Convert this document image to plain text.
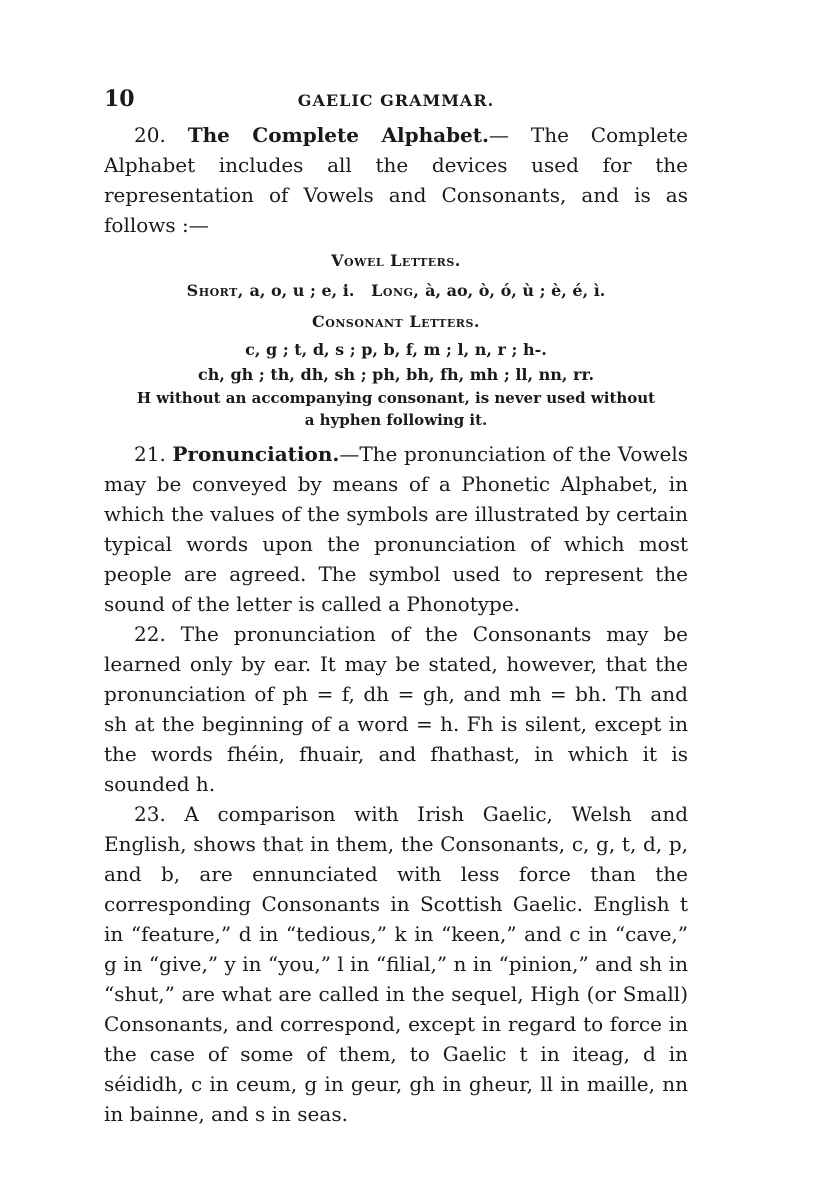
10	GAELIC GRAMMAR.

20. The Complete Alphabet.— The Complete Alphabet includes all the devices used for the representation of Vowels and Consonants, and is as follows :—

Vowel Letters.

Short, a, o, u ; e, i. Long, à, ao, ò, ó, ù ; è, é, ì.

Consonant Letters.

c, g ; t, d, s ; p, b, f, m ; l, n, r ; h-.

ch, gh ; th, dh, sh ; ph, bh, fh, mh ; ll, nn, rr.

H without an accompanying consonant, is never used without

a hyphen following it.

21. Pronunciation.—The pronunciation of the Vowels may be conveyed by means of a Phonetic Alphabet, in which the values of the symbols are illustrated by certain typical words upon the pronunciation of which most people are agreed. The symbol used to represent the sound of the letter is called a Phonotype.

22. The pronunciation of the Consonants may be learned only by ear. It may be stated, however, that the pronunciation of ph = f, dh = gh, and mh = bh. Th and sh at the beginning of a word = h. Fh is silent, except in the words fhéin, fhuair, and fhathast, in which it is sounded h.

23. A comparison with Irish Gaelic, Welsh and English, shows that in them, the Consonants, c, g, t, d, p, and b, are ennunciated with less force than the corresponding Consonants in Scottish Gaelic. English t in “feature,” d in “tedious,” k in “keen,” and c in “cave,” g in “give,” y in “you,” l in “filial,” n in “pinion,” and sh in “shut,” are what are called in the sequel, High (or Small) Consonants, and correspond, except in regard to force in the case of some of them, to Gaelic t in iteag, d in séididh, c in ceum, g in geur, gh in gheur, ll in maille, nn in bainne, and s in seas.
